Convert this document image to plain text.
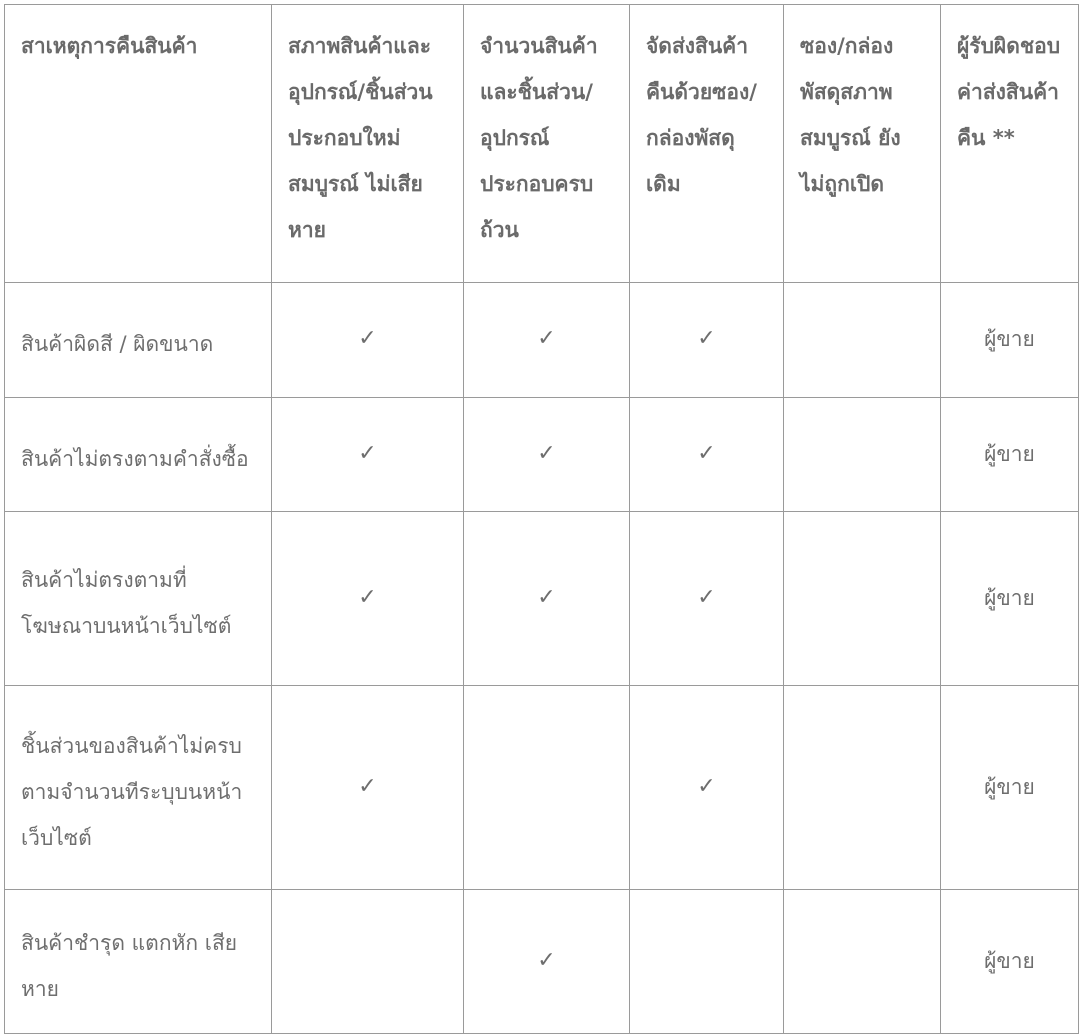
สาเหตุการคืนสินค้า	สภาพสินค้าและอุปกรณ์/ชิ้นส่วนประกอบใหม่ สมบูรณ์ ไม่เสียหาย	จำนวนสินค้าและชิ้นส่วน/อุปกรณ์ประกอบครบถ้วน	จัดส่งสินค้าคืนด้วยซอง/กล่องพัสดุเดิม	ซอง/กล่องพัสดุสภาพสมบูรณ์ ยังไม่ถูกเปิด	ผู้รับผิดชอบค่าส่งสินค้าคืน **
สินค้าผิดสี / ผิดขนาด	✓	✓	✓		ผู้ขาย
สินค้าไม่ตรงตามคำสั่งซื้อ	✓	✓	✓		ผู้ขาย
สินค้าไม่ตรงตามที่โฆษณาบนหน้าเว็บไซต์	✓	✓	✓		ผู้ขาย
ชิ้นส่วนของสินค้าไม่ครบตามจำนวนทีระบุบนหน้าเว็บไซต์	✓		✓		ผู้ขาย
สินค้าชำรุด แตกหัก เสียหาย		✓			ผู้ขาย
